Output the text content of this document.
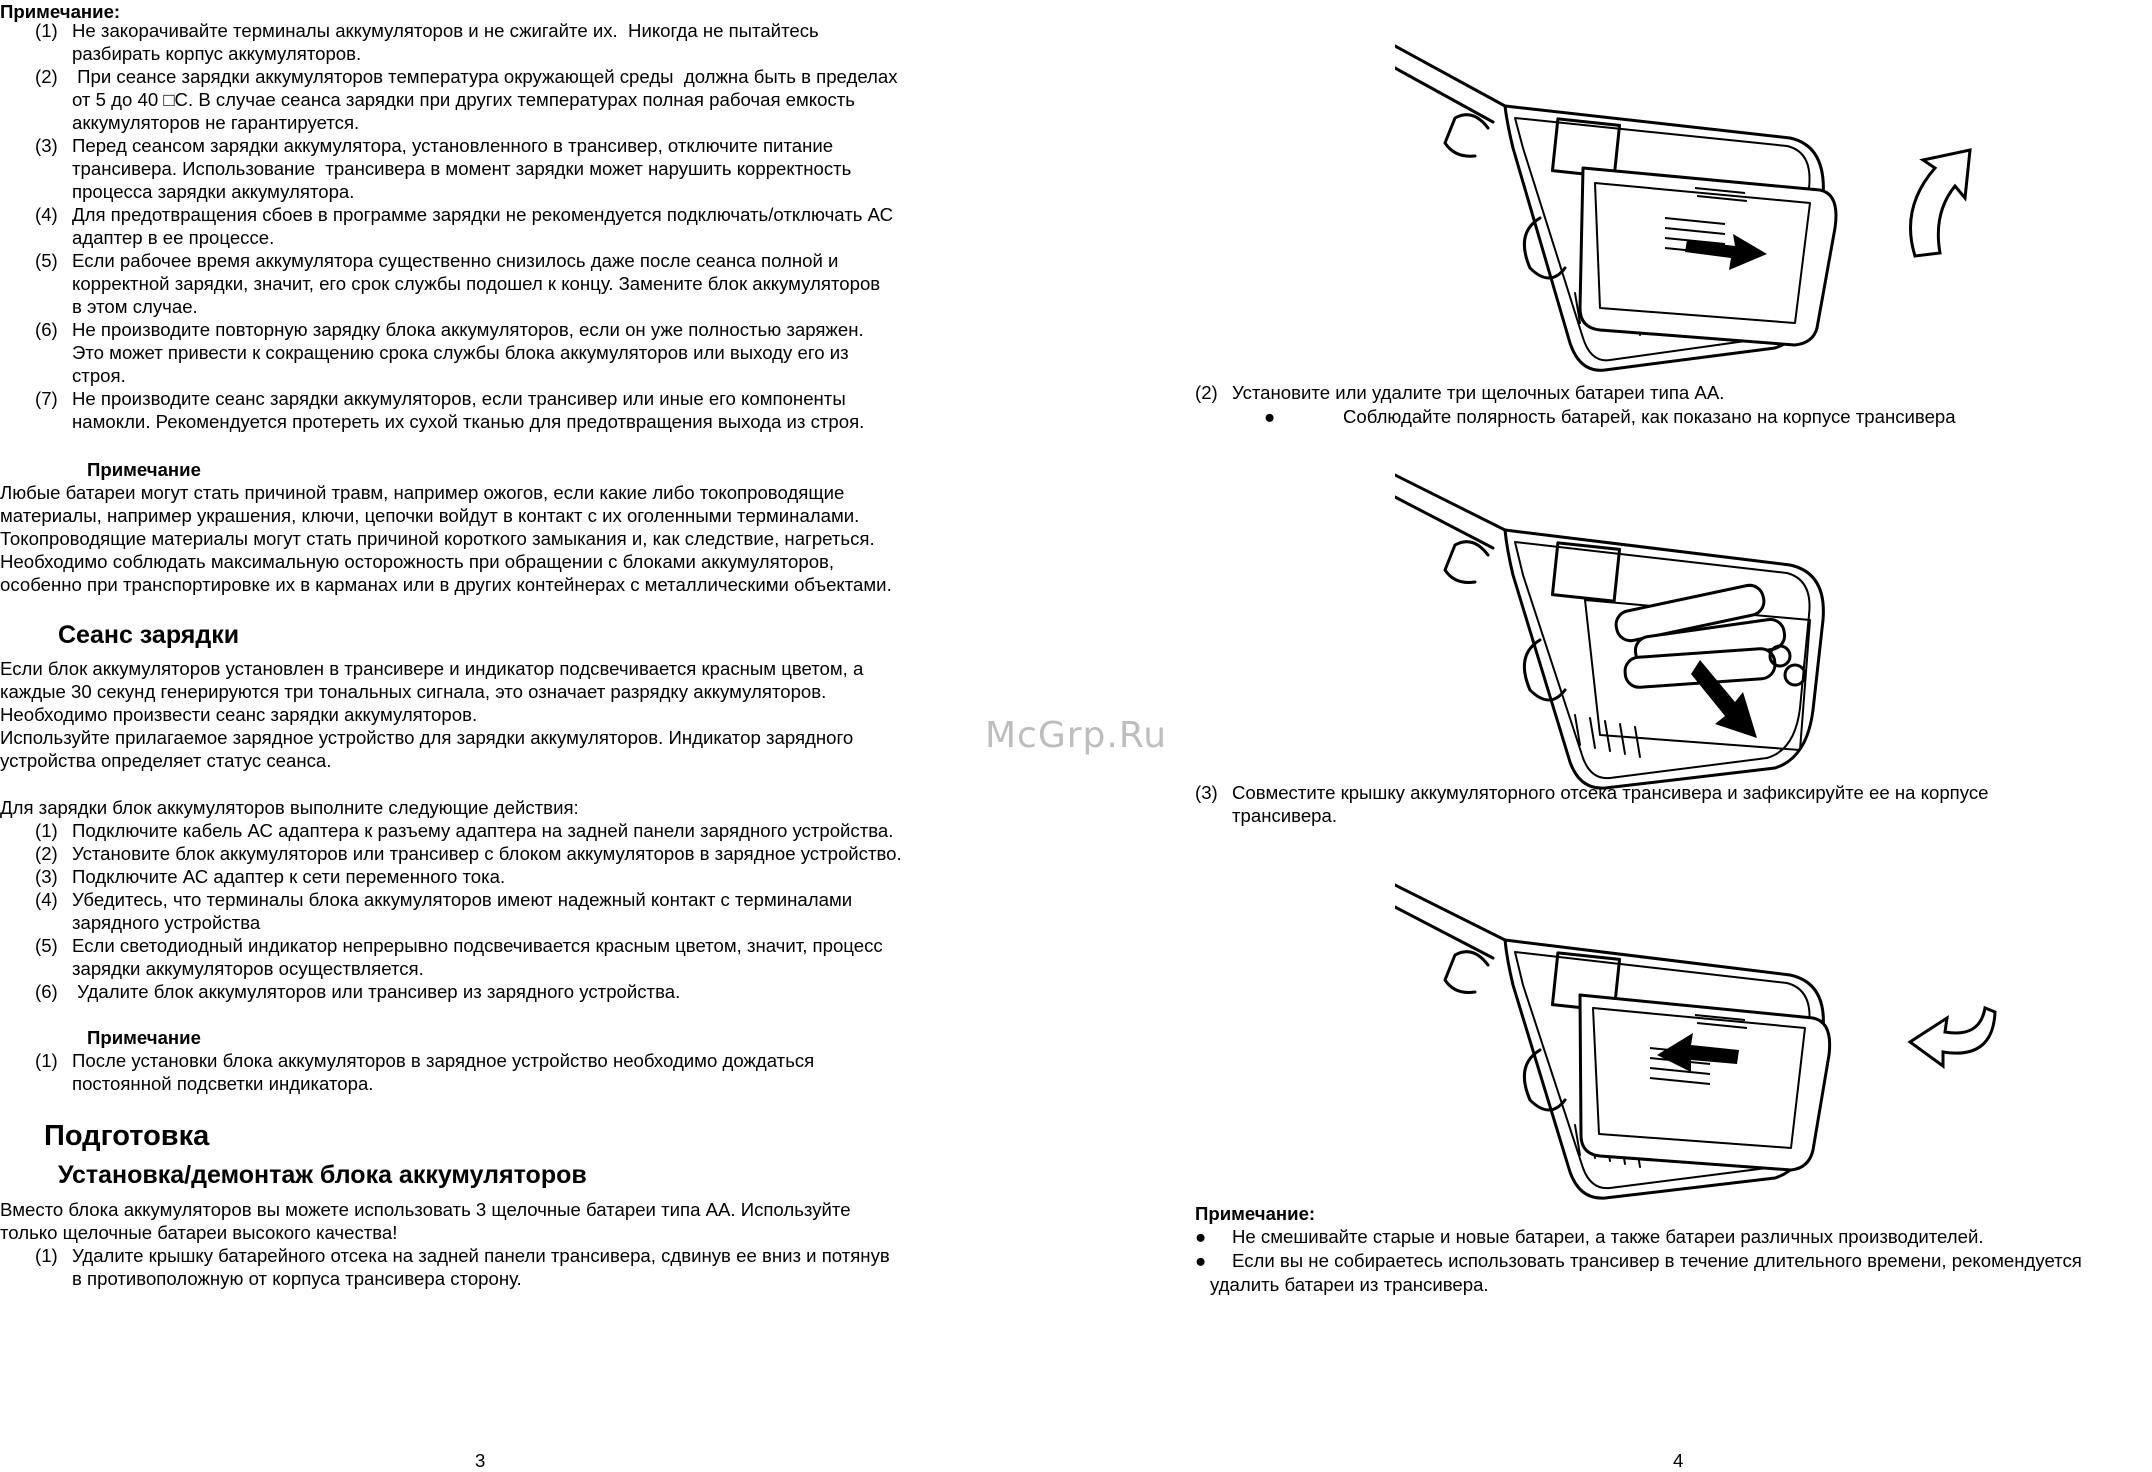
Примечание:
Не закорачивайте терминалы аккумуляторов и не сжигайте их.  Никогда не пытайтесь
разбирать корпус аккумуляторов.
При сеансе зарядки аккумуляторов температура окружающей среды  должна быть в пределах
от 5 до 40 □C. В случае сеанса зарядки при других температурах полная рабочая емкость
аккумуляторов не гарантируется.
Перед сеансом зарядки аккумулятора, установленного в трансивер, отключите питание
трансивера. Использование  трансивера в момент зарядки может нарушить корректность
процесса зарядки аккумулятора.
Для предотвращения сбоев в программе зарядки не рекомендуется подключать/отключать АС
адаптер в ее процессе.
Если рабочее время аккумулятора существенно снизилось даже после сеанса полной и
корректной зарядки, значит, его срок службы подошел к концу. Замените блок аккумуляторов
в этом случае.
Не производите повторную зарядку блока аккумуляторов, если он уже полностью заряжен.
Это может привести к сокращению срока службы блока аккумуляторов или выходу его из
строя.
Не производите сеанс зарядки аккумуляторов, если трансивер или иные его компоненты
намокли. Рекомендуется протереть их сухой тканью для предотвращения выхода из строя.
Примечание
Любые батареи могут стать причиной травм, например ожогов, если какие либо токопроводящие
материалы, например украшения, ключи, цепочки войдут в контакт с их оголенными терминалами.
Токопроводящие материалы могут стать причиной короткого замыкания и, как следствие, нагреться.
Необходимо соблюдать максимальную осторожность при обращении с блоками аккумуляторов,
особенно при транспортировке их в карманах или в других контейнерах с металлическими объектами.
Сеанс зарядки
Если блок аккумуляторов установлен в трансивере и индикатор подсвечивается красным цветом, а
каждые 30 секунд генерируются три тональных сигнала, это означает разрядку аккумуляторов.
Необходимо произвести сеанс зарядки аккумуляторов.
Используйте прилагаемое зарядное устройство для зарядки аккумуляторов. Индикатор зарядного
устройства определяет статус сеанса.
Для зарядки блок аккумуляторов выполните следующие действия:
Подключите кабель АС адаптера к разъему адаптера на задней панели зарядного устройства.
Установите блок аккумуляторов или трансивер с блоком аккумуляторов в зарядное устройство.
Подключите АС адаптер к сети переменного тока.
Убедитесь, что терминалы блока аккумуляторов имеют надежный контакт с терминалами
зарядного устройства
Если светодиодный индикатор непрерывно подсвечивается красным цветом, значит, процесс
зарядки аккумуляторов осуществляется.
Удалите блок аккумуляторов или трансивер из зарядного устройства.
Примечание
После установки блока аккумуляторов в зарядное устройство необходимо дождаться
постоянной подсветки индикатора.
Подготовка
Установка/демонтаж блока аккумуляторов
Вместо блока аккумуляторов вы можете использовать 3 щелочные батареи типа АА. Используйте
только щелочные батареи высокого качества!
Удалите крышку батарейного отсека на задней панели трансивера, сдвинув ее вниз и потянув
в противоположную от корпуса трансивера сторону.
3
McGrp.Ru
(2) Установите или удалите три щелочных батареи типа АА.
●	Соблюдайте полярность батарей, как показано на корпусе трансивера
(3) Совместите крышку аккумуляторного отсека трансивера и зафиксируйте ее на корпусе
трансивера.
Примечание:
● Не смешивайте старые и новые батареи, а также батареи различных производителей.
● Если вы не собираетесь использовать трансивер в течение длительного времени, рекомендуется
удалить батареи из трансивера.
4
